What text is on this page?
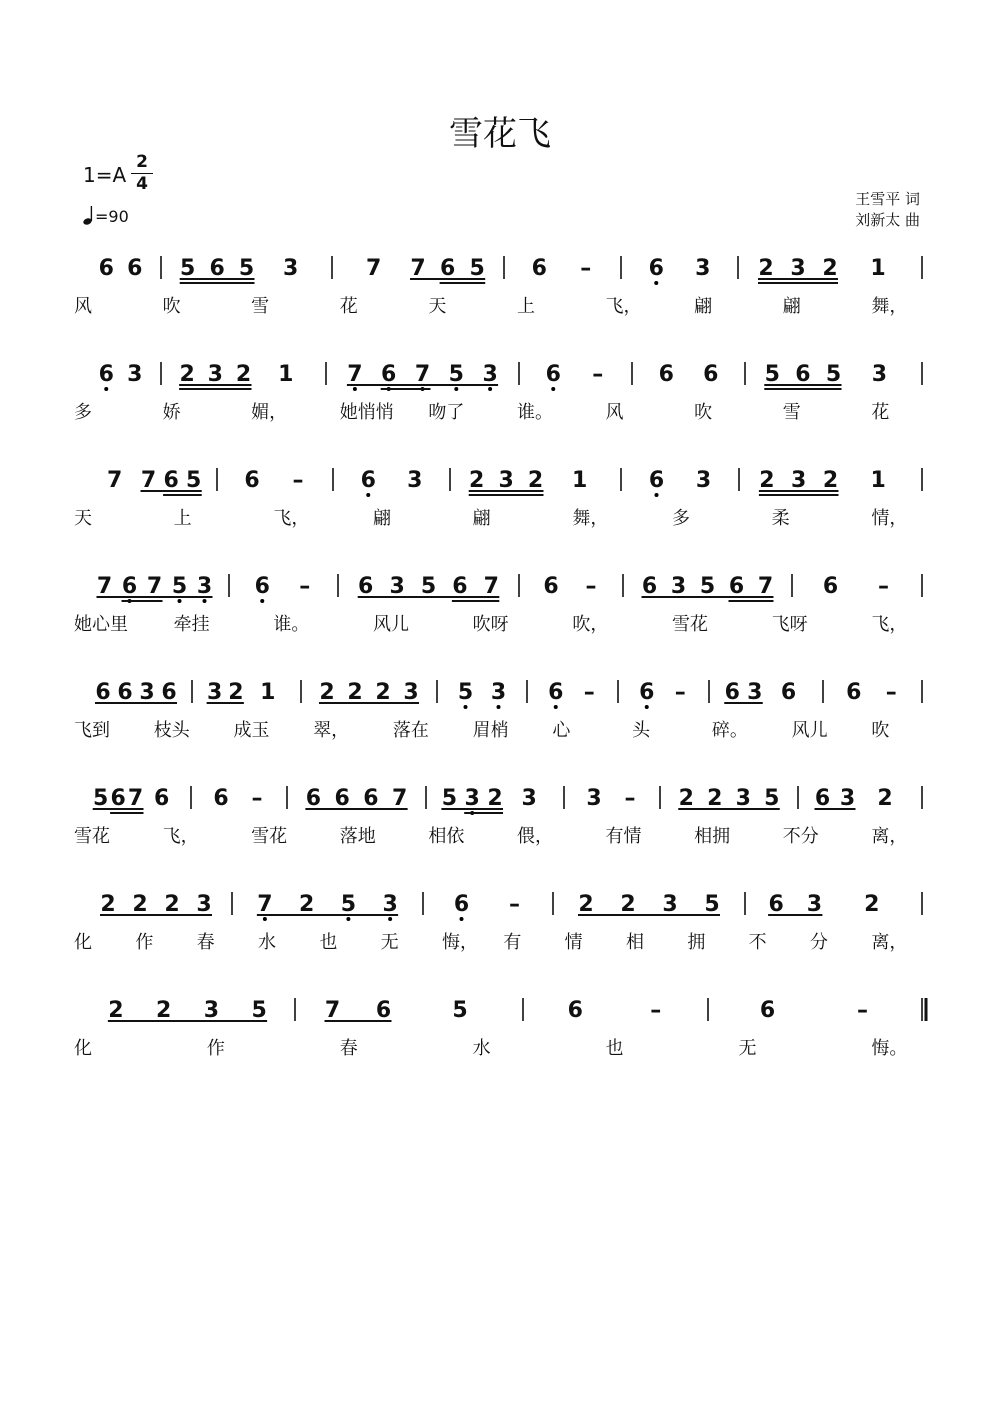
雪花飞
1=A
2
4
=90
王雪平 词
刘新太 曲
6 6 5 6 5 3	7 7 6 5 6 –	6 3 2 3 2 1
风	吹	雪	花	天	上	飞，	翩	翩	舞，
6 3 2 3 2 1 7 6 7 5 3 6 –	6 6 5 6 5 3
多	娇	媚，	她悄悄 吻了	谁。	风	吹	雪	花
7 7 6 5 6 –	6 3 2 3 2 1	6 3 2 3 2 1
天	上	飞，	翩	翩	舞，	多	柔	情，
7 6 7 5 3 6 – 6 3 5 6 7 6 – 6 3 5 6 7 6 –
她心里	牵挂	谁。	风儿	吹呀	吹，	雪花	飞呀	飞，
6 6 3 6 3 2 1 2 2 2 3 5 3 6 – 6 – 6 3 6 6 –
飞到 枝头 成玉 翠， 落在 眉梢 心	头	碎。 风儿 吹
5 6 7 6 6 – 6 6 6 7 5 3 2 3 3 – 2 2 3 5 6 3 2
雪花	飞，	雪花	落地	相依	偎，	有情	相拥	不分	离，
2 2 2 3 7 2 5 3	6 –	2 2 3 5 6 3 2
化 作 春 水 也 无 悔， 有 情 相 拥 不 分 离，
2 2 3 5	7 6	5	6	–	6	–
化	作	春	水	也	无	悔。
